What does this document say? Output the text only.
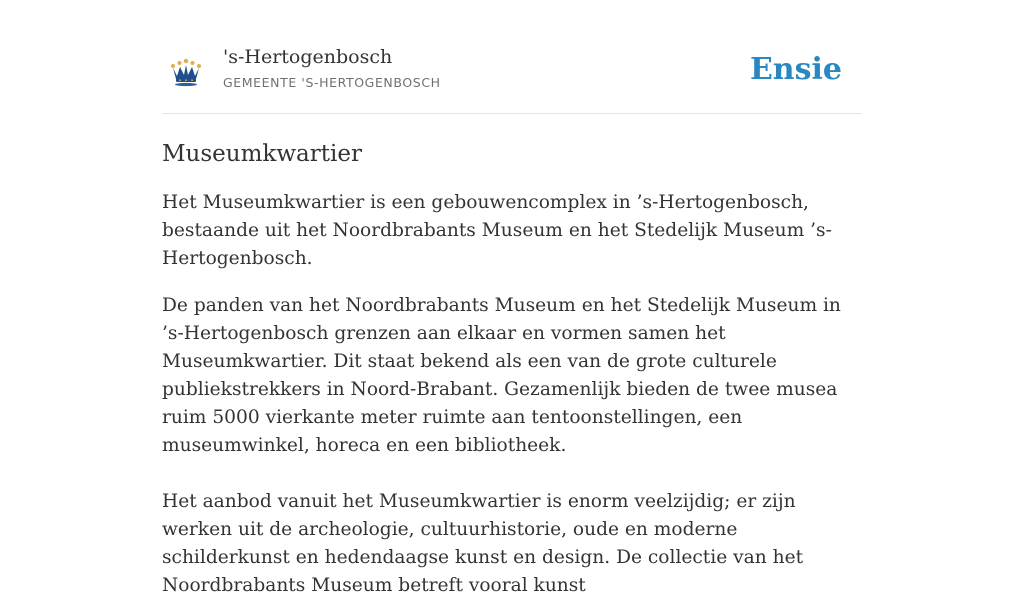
's-Hertogenbosch
GEMEENTE 'S-HERTOGENBOSCH	Ensie
Museumkwartier

Het Museumkwartier is een gebouwencomplex in ’s-Hertogenbosch, bestaande uit het Noordbrabants Museum en het Stedelijk Museum ’s-Hertogenbosch.

De panden van het Noordbrabants Museum en het Stedelijk Museum in ’s-Hertogenbosch grenzen aan elkaar en vormen samen het Museumkwartier. Dit staat bekend als een van de grote culturele publiekstrekkers in Noord-Brabant. Gezamenlijk bieden de twee musea ruim 5000 vierkante meter ruimte aan tentoonstellingen, een museumwinkel, horeca en een bibliotheek.

Het aanbod vanuit het Museumkwartier is enorm veelzijdig; er zijn werken uit de archeologie, cultuurhistorie, oude en moderne schilderkunst en hedendaagse kunst en design. De collectie van het Noordbrabants Museum betreft vooral kunst
